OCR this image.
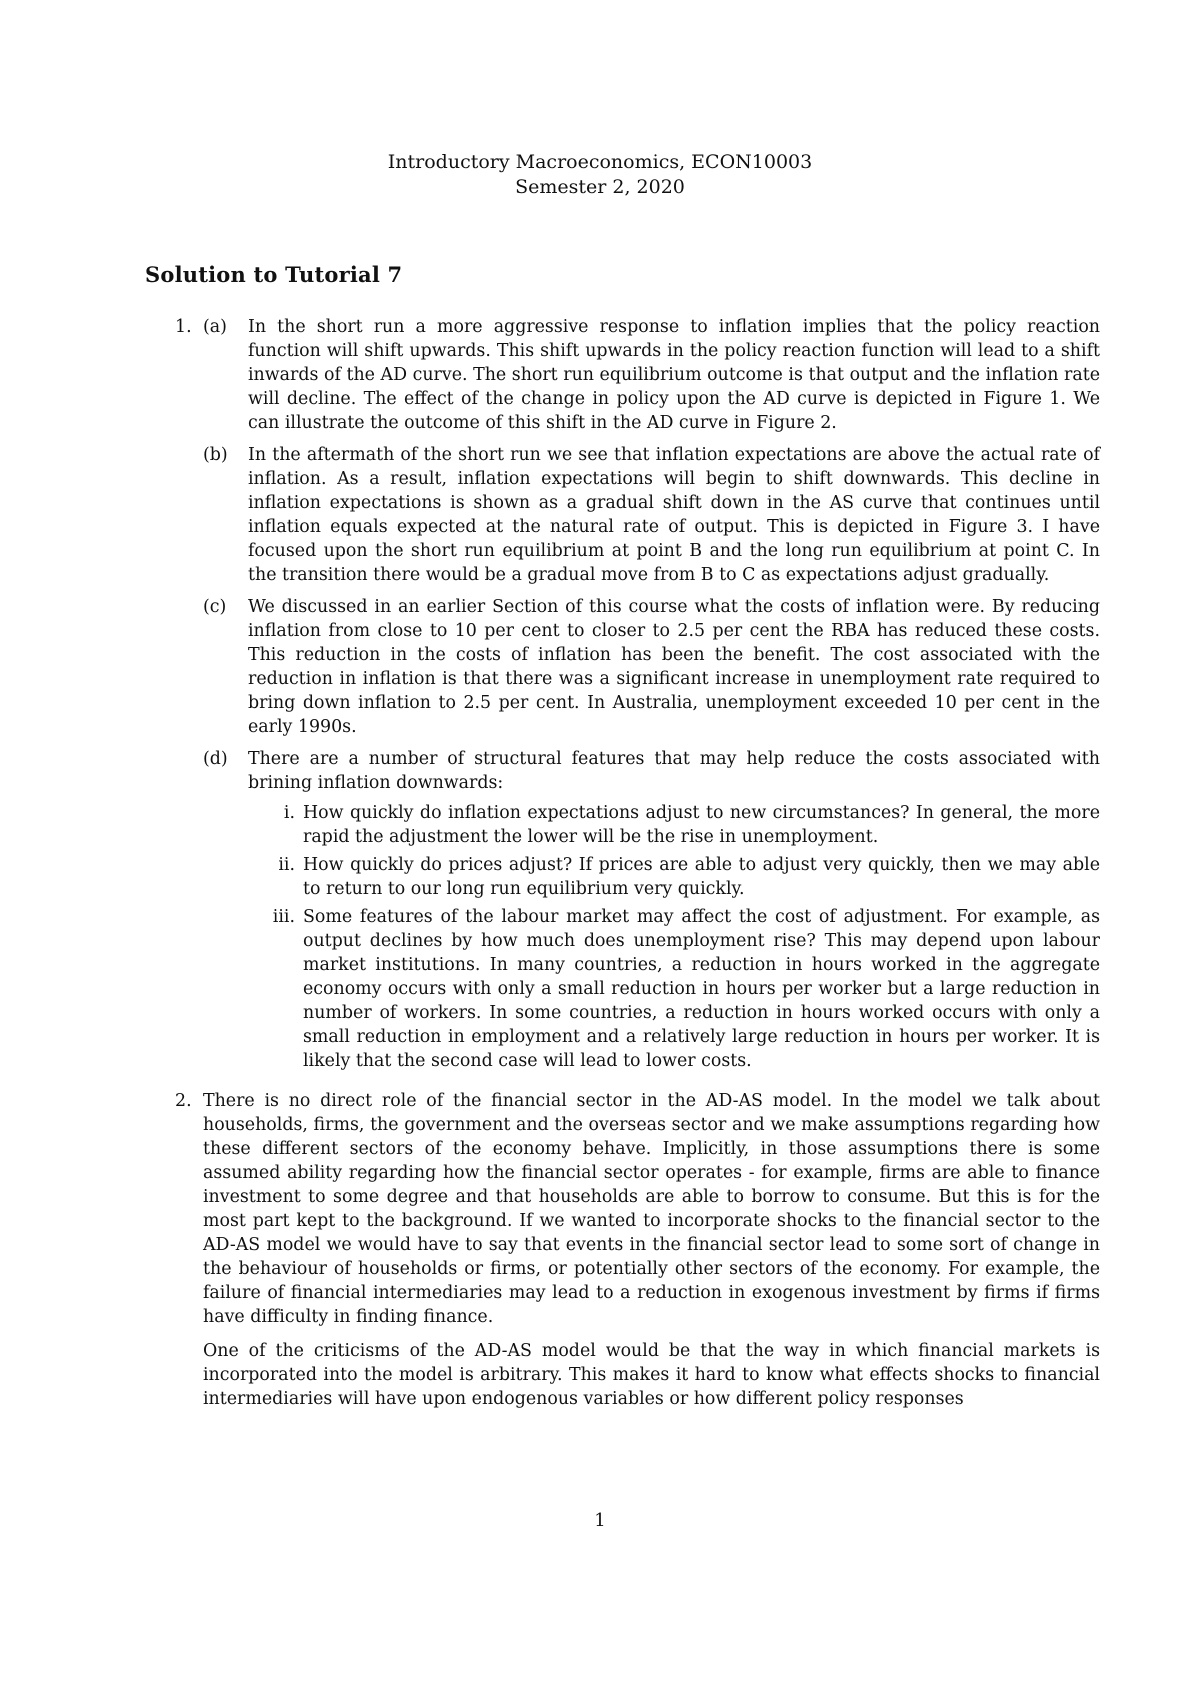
Introductory Macroeconomics, ECON10003
Semester 2, 2020
Solution to Tutorial 7
1. (a) In the short run a more aggressive response to inflation implies that the policy reaction function will shift upwards. This shift upwards in the policy reaction function will lead to a shift inwards of the AD curve. The short run equilibrium outcome is that output and the inflation rate will decline. The effect of the change in policy upon the AD curve is depicted in Figure 1. We can illustrate the outcome of this shift in the AD curve in Figure 2.

(b) In the aftermath of the short run we see that inflation expectations are above the actual rate of inflation. As a result, inflation expectations will begin to shift downwards. This decline in inflation expectations is shown as a gradual shift down in the AS curve that continues until inflation equals expected at the natural rate of output. This is depicted in Figure 3. I have focused upon the short run equilibrium at point B and the long run equilibrium at point C. In the transition there would be a gradual move from B to C as expectations adjust gradually.

(c) We discussed in an earlier Section of this course what the costs of inflation were. By reducing inflation from close to 10 per cent to closer to 2.5 per cent the RBA has reduced these costs. This reduction in the costs of inflation has been the benefit. The cost associated with the reduction in inflation is that there was a significant increase in unemployment rate required to bring down inflation to 2.5 per cent. In Australia, unemployment exceeded 10 per cent in the early 1990s.

(d) There are a number of structural features that may help reduce the costs associated with brining inflation downwards:

i. How quickly do inflation expectations adjust to new circumstances? In general, the more rapid the adjustment the lower will be the rise in unemployment.

ii. How quickly do prices adjust? If prices are able to adjust very quickly, then we may able to return to our long run equilibrium very quickly.

iii. Some features of the labour market may affect the cost of adjustment. For example, as output declines by how much does unemployment rise? This may depend upon labour market institutions. In many countries, a reduction in hours worked in the aggregate economy occurs with only a small reduction in hours per worker but a large reduction in number of workers. In some countries, a reduction in hours worked occurs with only a small reduction in employment and a relatively large reduction in hours per worker. It is likely that the second case will lead to lower costs.

2. There is no direct role of the financial sector in the AD-AS model. In the model we talk about households, firms, the government and the overseas sector and we make assumptions regarding how these different sectors of the economy behave. Implicitly, in those assumptions there is some assumed ability regarding how the financial sector operates - for example, firms are able to finance investment to some degree and that households are able to borrow to consume. But this is for the most part kept to the background. If we wanted to incorporate shocks to the financial sector to the AD-AS model we would have to say that events in the financial sector lead to some sort of change in the behaviour of households or firms, or potentially other sectors of the economy. For example, the failure of financial intermediaries may lead to a reduction in exogenous investment by firms if firms have difficulty in finding finance.

One of the criticisms of the AD-AS model would be that the way in which financial markets is incorporated into the model is arbitrary. This makes it hard to know what effects shocks to financial intermediaries will have upon endogenous variables or how different policy responses

1
